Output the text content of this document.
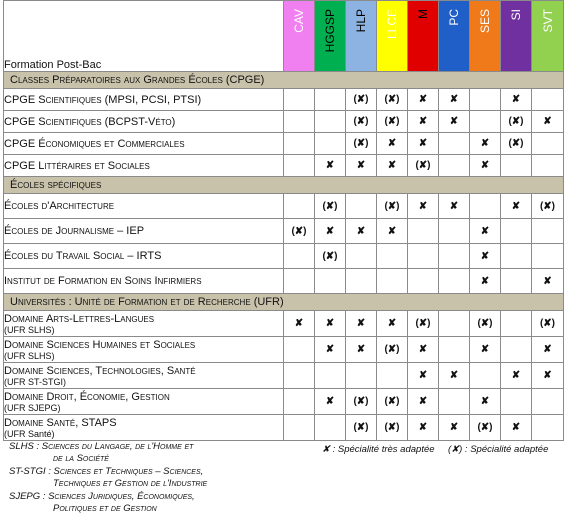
Formation Post-Bac	CAV	HGGSP	HLP	LLCE	M	PC	SES	SI	SVT

Classes Préparatoires aux Grandes Écoles (CPGE)									
CPGE Scientifiques (MPSI, PCSI, PTSI)			(✘)	(✘)	✘	✘		✘	
CPGE Scientifiques (BCPST-Véto)			(✘)	(✘)	✘	✘		(✘)	✘
CPGE Économiques et Commerciales			(✘)	✘	✘		✘	(✘)	
CPGE Littéraires et Sociales		✘	✘	✘	(✘)		✘		
Écoles spécifiques									
Écoles d'Architecture		(✘)		(✘)	✘	✘		✘	(✘)
Écoles de Journalisme – IEP	(✘)	✘	✘	✘			✘		
Écoles du Travail Social – IRTS		(✘)					✘		
Institut de Formation en Soins Infirmiers							✘		✘
Universités : Unité de Formation et de Recherche (UFR)									
Domaine Arts-Lettres-Langues
(UFR SLHS)	✘	✘	✘	✘	(✘)		(✘)		(✘)
Domaine Sciences Humaines et Sociales
(UFR SLHS)		✘	✘	(✘)	✘		✘		✘
Domaine Sciences, Technologies, Santé
(UFR ST-STGI)					✘	✘		✘	✘
Domaine Droit, Économie, Gestion
(UFR SJEPG)		✘	(✘)	(✘)	✘		✘		
Domaine Santé, STAPS
(UFR Santé)			(✘)	(✘)	✘	✘	(✘)	✘	
SLHS : Sciences du Langage, de l'Homme et
de la Société
ST-STGI : Sciences et Techniques – Sciences,
Techniques et Gestion de l'Industrie
SJEPG : Sciences Juridiques, Économiques,
Politiques et de Gestion
✘ : Spécialité très adaptée (✘) : Spécialité adaptée
